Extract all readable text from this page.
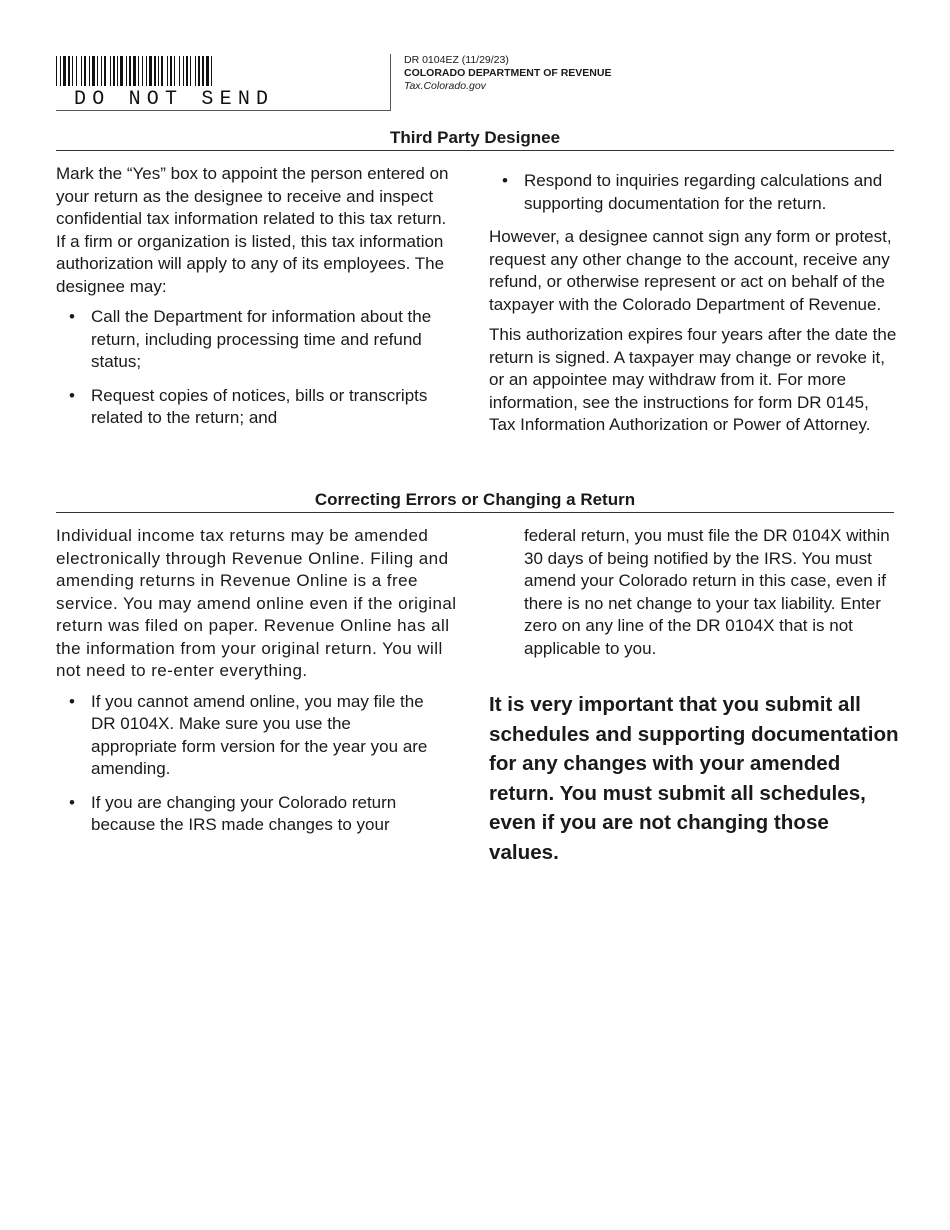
DO NOT SEND
DR 0104EZ (11/29/23)
COLORADO DEPARTMENT OF REVENUE
Tax.Colorado.gov
Third Party Designee

Mark the “Yes” box to appoint the person entered on your return as the designee to receive and inspect confidential tax information related to this tax return. If a firm or organization is listed, this tax information authorization will apply to any of its employees. The designee may:

• Call the Department for information about the return, including processing time and refund status;
• Request copies of notices, bills or transcripts related to the return; and
• Respond to inquiries regarding calculations and supporting documentation for the return.

However, a designee cannot sign any form or protest, request any other change to the account, receive any refund, or otherwise represent or act on behalf of the taxpayer with the Colorado Department of Revenue.

This authorization expires four years after the date the return is signed. A taxpayer may change or revoke it, or an appointee may withdraw from it. For more information, see the instructions for form DR 0145, Tax Information Authorization or Power of Attorney.

Correcting Errors or Changing a Return

Individual income tax returns may be amended electronically through Revenue Online. Filing and amending returns in Revenue Online is a free service. You may amend online even if the original return was filed on paper. Revenue Online has all the information from your original return. You will not need to re-enter everything.

• If you cannot amend online, you may file the DR 0104X. Make sure you use the appropriate form version for the year you are amending.
• If you are changing your Colorado return because the IRS made changes to your
federal return, you must file the DR 0104X within 30 days of being notified by the IRS. You must amend your Colorado return in this case, even if there is no net change to your tax liability. Enter zero on any line of the DR 0104X that is not applicable to you.
It is very important that you submit all schedules and supporting documentation for any changes with your amended return. You must submit all schedules, even if you are not changing those values.
